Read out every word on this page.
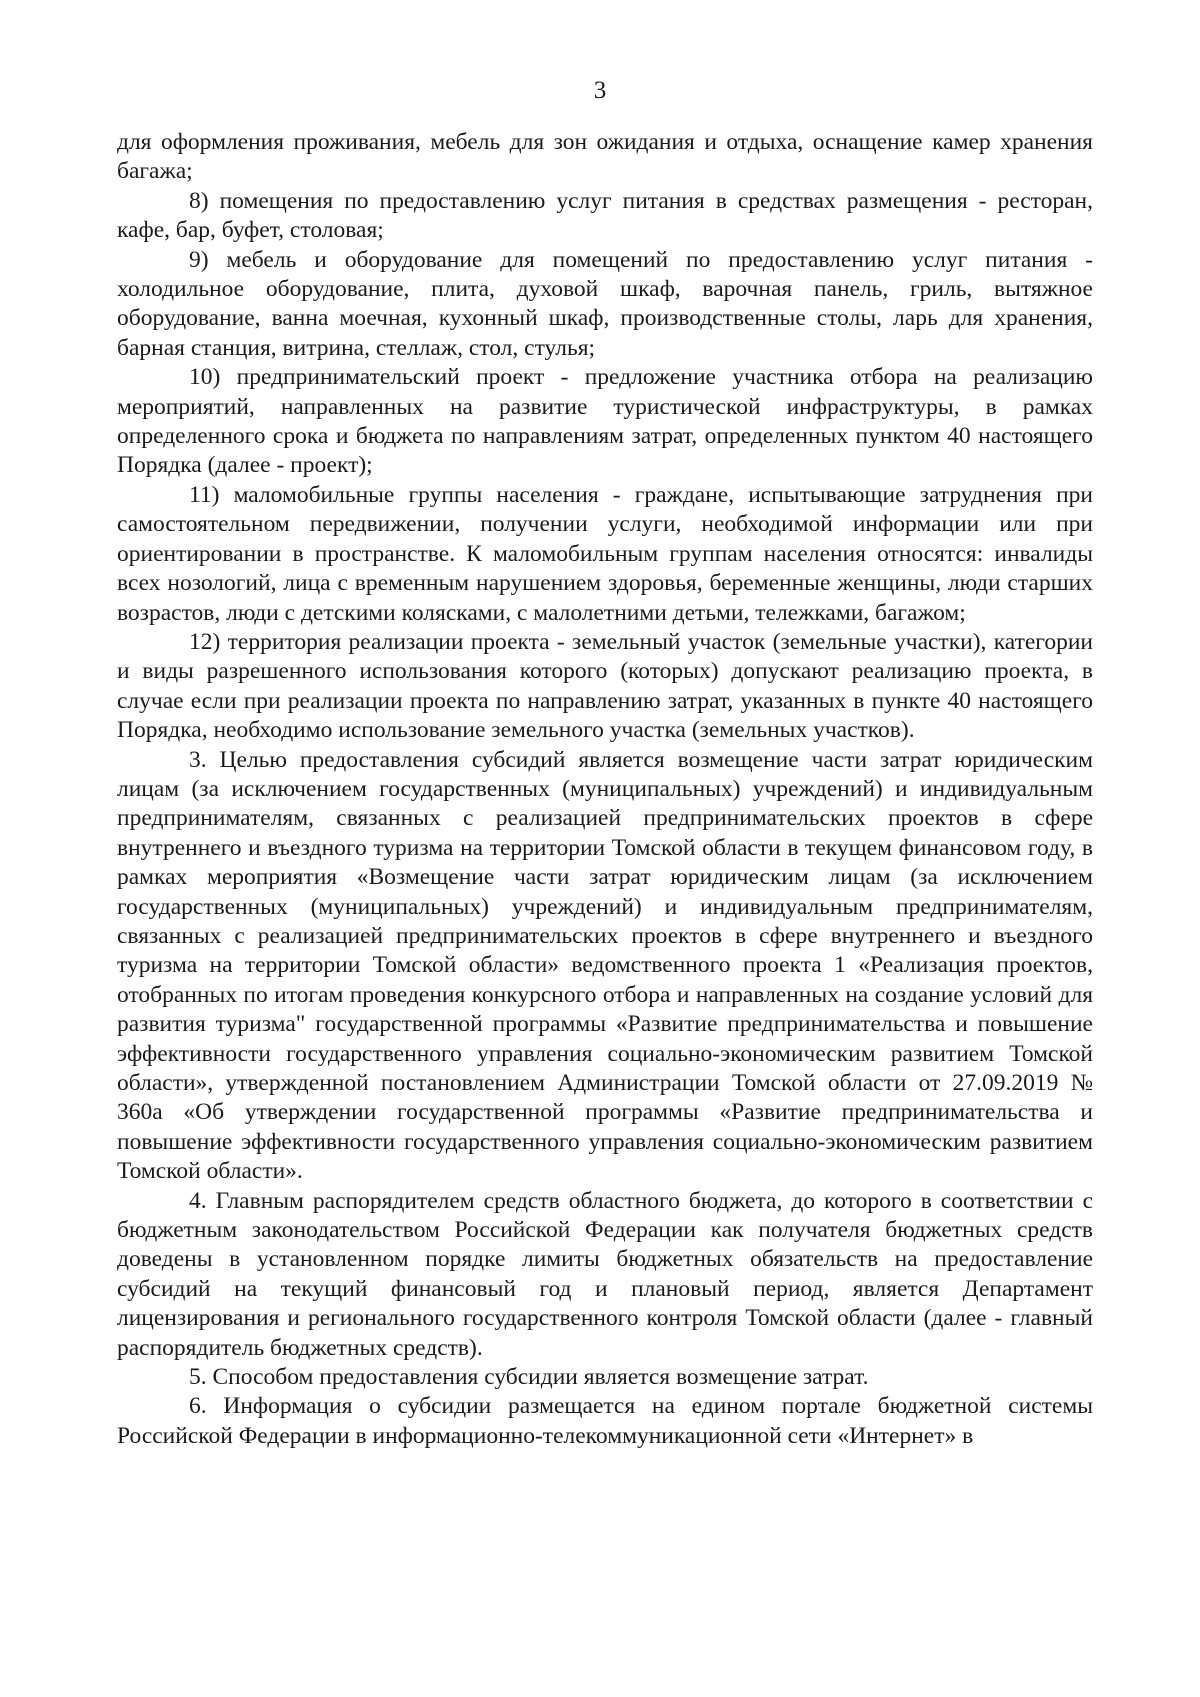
3

для оформления проживания, мебель для зон ожидания и отдыха, оснащение камер хранения багажа;

8) помещения по предоставлению услуг питания в средствах размещения - ресторан, кафе, бар, буфет, столовая;

9) мебель и оборудование для помещений по предоставлению услуг питания - холодильное оборудование, плита, духовой шкаф, варочная панель, гриль, вытяжное оборудование, ванна моечная, кухонный шкаф, производственные столы, ларь для хранения, барная станция, витрина, стеллаж, стол, стулья;

10) предпринимательский проект - предложение участника отбора на реализацию мероприятий, направленных на развитие туристической инфраструктуры, в рамках определенного срока и бюджета по направлениям затрат, определенных пунктом 40 настоящего Порядка (далее - проект);

11) маломобильные группы населения - граждане, испытывающие затруднения при самостоятельном передвижении, получении услуги, необходимой информации или при ориентировании в пространстве. К маломобильным группам населения относятся: инвалиды всех нозологий, лица с временным нарушением здоровья, беременные женщины, люди старших возрастов, люди с детскими колясками, с малолетними детьми, тележками, багажом;

12) территория реализации проекта - земельный участок (земельные участки), категории и виды разрешенного использования которого (которых) допускают реализацию проекта, в случае если при реализации проекта по направлению затрат, указанных в пункте 40 настоящего Порядка, необходимо использование земельного участка (земельных участков).

3. Целью предоставления субсидий является возмещение части затрат юридическим лицам (за исключением государственных (муниципальных) учреждений) и индивидуальным предпринимателям, связанных с реализацией предпринимательских проектов в сфере внутреннего и въездного туризма на территории Томской области в текущем финансовом году, в рамках мероприятия «Возмещение части затрат юридическим лицам (за исключением государственных (муниципальных) учреждений) и индивидуальным предпринимателям, связанных с реализацией предпринимательских проектов в сфере внутреннего и въездного туризма на территории Томской области» ведомственного проекта 1 «Реализация проектов, отобранных по итогам проведения конкурсного отбора и направленных на создание условий для развития туризма" государственной программы «Развитие предпринимательства и повышение эффективности государственного управления социально-экономическим развитием Томской области», утвержденной постановлением Администрации Томской области от 27.09.2019 № 360а «Об утверждении государственной программы «Развитие предпринимательства и повышение эффективности государственного управления социально-экономическим развитием Томской области».

4. Главным распорядителем средств областного бюджета, до которого в соответствии с бюджетным законодательством Российской Федерации как получателя бюджетных средств доведены в установленном порядке лимиты бюджетных обязательств на предоставление субсидий на текущий финансовый год и плановый период, является Департамент лицензирования и регионального государственного контроля Томской области (далее - главный распорядитель бюджетных средств).

5. Способом предоставления субсидии является возмещение затрат.

6. Информация о субсидии размещается на едином портале бюджетной системы Российской Федерации в информационно-телекоммуникационной сети «Интернет» в
